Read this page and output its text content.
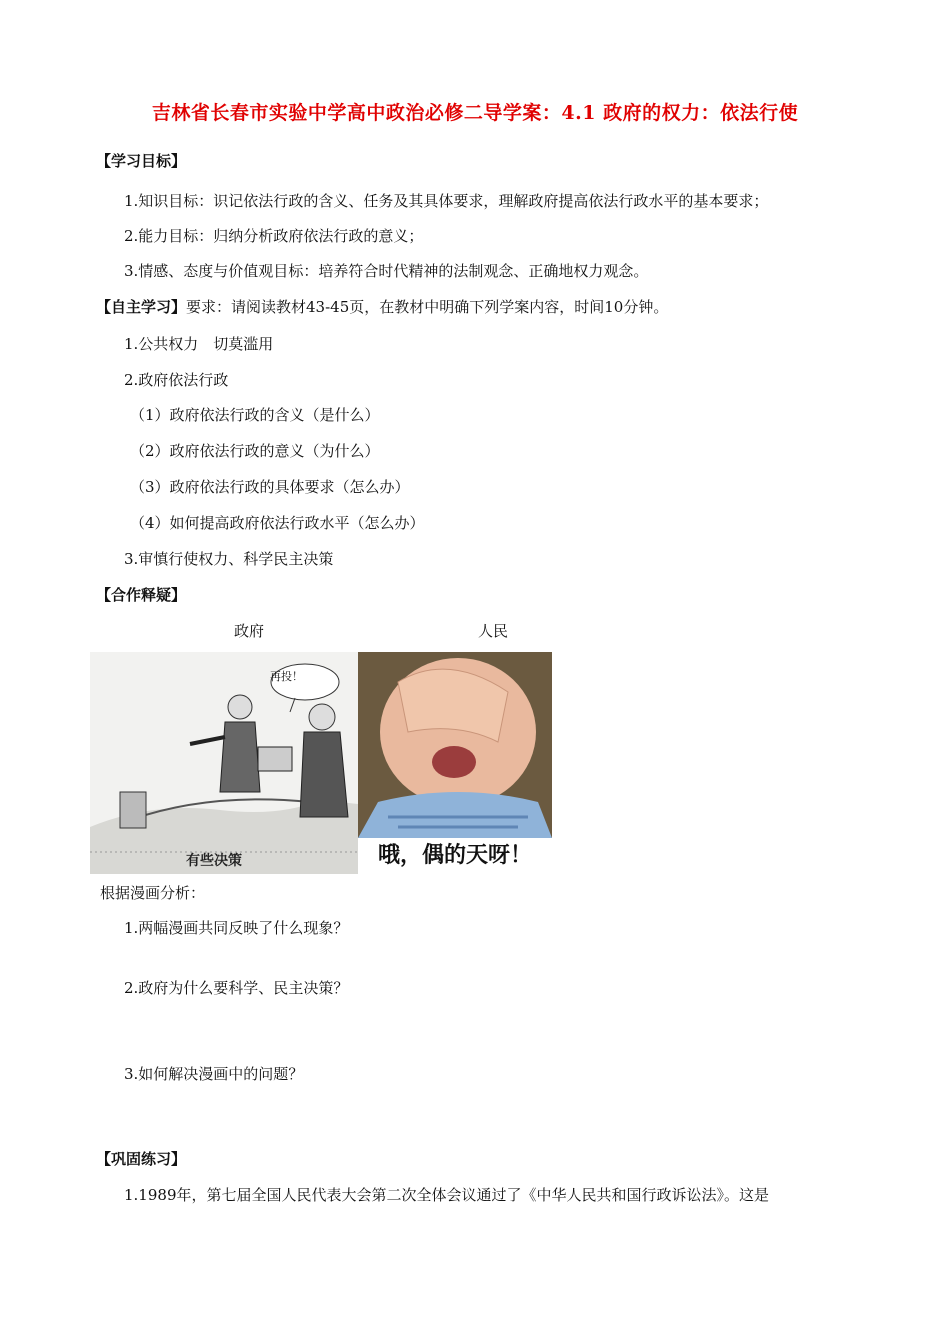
吉林省长春市实验中学高中政治必修二导学案：4.1 政府的权力：依法行使
【学习目标】
1.知识目标：识记依法行政的含义、任务及其具体要求，理解政府提高依法行政水平的基本要求；
2.能力目标：归纳分析政府依法行政的意义；
3.情感、态度与价值观目标：培养符合时代精神的法制观念、正确地权力观念。
【自主学习】要求：请阅读教材43-45页，在教材中明确下列学案内容，时间10分钟。
1.公共权力　切莫滥用
2.政府依法行政
（1）政府依法行政的含义（是什么）
（2）政府依法行政的意义（为什么）
（3）政府依法行政的具体要求（怎么办）
（4）如何提高政府依法行政水平（怎么办）
3.审慎行使权力、科学民主决策
【合作释疑】
政府	人民
再投！
有些决策	哦，偶的天呀！
根据漫画分析：
1.两幅漫画共同反映了什么现象？
2.政府为什么要科学、民主决策？
3.如何解决漫画中的问题？
【巩固练习】
1.1989年，第七届全国人民代表大会第二次全体会议通过了《中华人民共和国行政诉讼法》。这是
